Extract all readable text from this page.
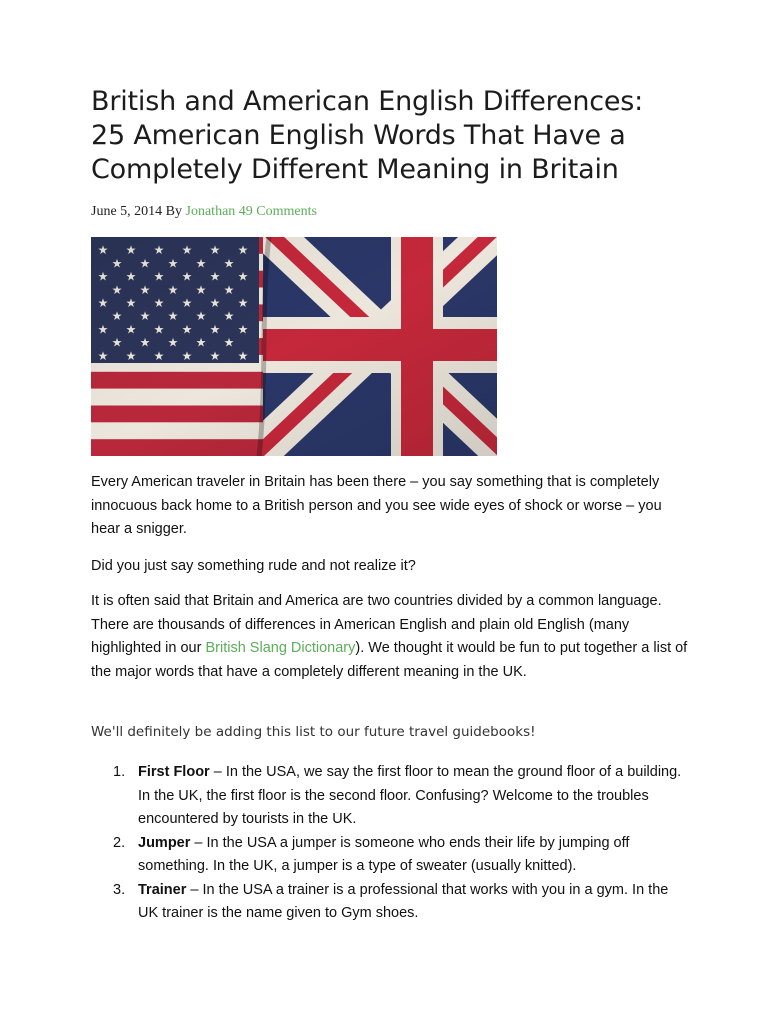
British and American English Differences:
25 American English Words That Have a
Completely Different Meaning in Britain
June 5, 2014 By Jonathan 49 Comments

Every American traveler in Britain has been there – you say something that is completely innocuous back home to a British person and you see wide eyes of shock or worse – you hear a snigger.

Did you just say something rude and not realize it?

It is often said that Britain and America are two countries divided by a common language. There are thousands of differences in American English and plain old English (many highlighted in our British Slang Dictionary). We thought it would be fun to put together a list of the major words that have a completely different meaning in the UK.

We'll definitely be adding this list to our future travel guidebooks!

1. First Floor – In the USA, we say the first floor to mean the ground floor of a building. In the UK, the first floor is the second floor. Confusing? Welcome to the troubles encountered by tourists in the UK.
2. Jumper – In the USA a jumper is someone who ends their life by jumping off something. In the UK, a jumper is a type of sweater (usually knitted).
3. Trainer – In the USA a trainer is a professional that works with you in a gym. In the UK trainer is the name given to Gym shoes.
